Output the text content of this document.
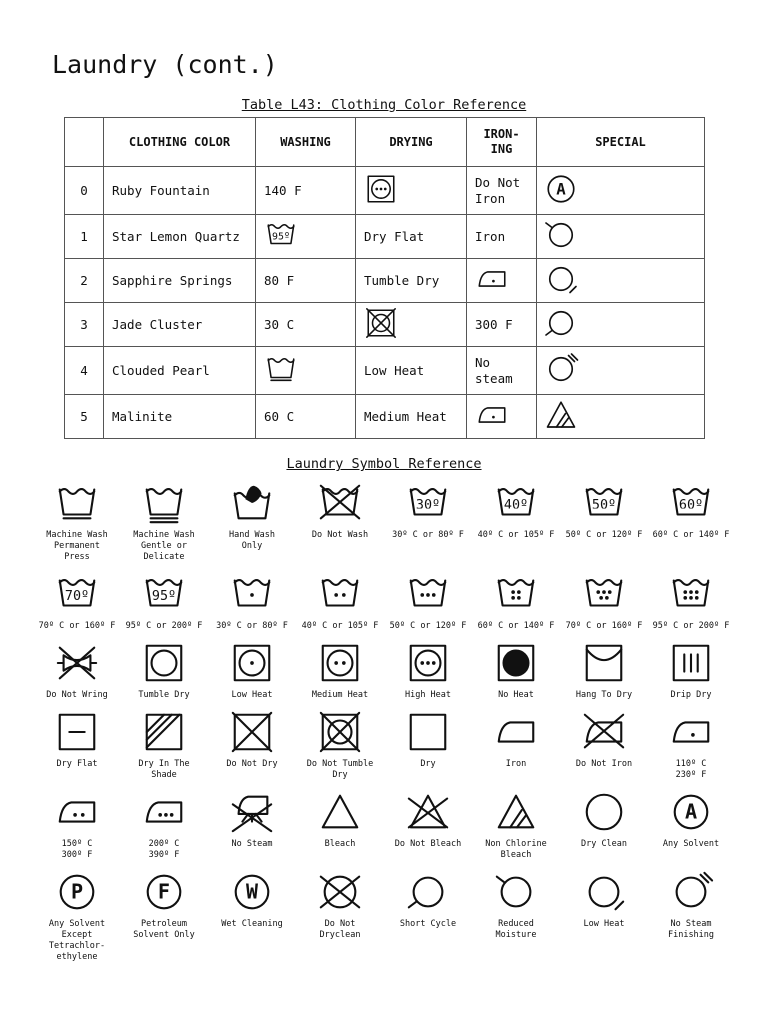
Laundry (cont.)
Table L43: Clothing Color Reference
	CLOTHING COLOR	WASHING	DRYING	IRON-
ING	SPECIAL
0	Ruby Fountain	140 F		Do Not
Iron	A

1	Star Lemon Quartz	95º	Dry Flat	Iron	
2	Sapphire Springs	80 F	Tumble Dry		
3	Jade Cluster	30 C		300 F	
4	Clouded Pearl		Low Heat	No
steam	
5	Malinite	60 C	Medium Heat		
Laundry Symbol Reference
Machine Wash
Permanent
Press
Machine Wash
Gentle or
Delicate
Hand Wash
Only
Do Not Wash
30º
30º C or 80º F
40º
40º C or 105º F
50º
50º C or 120º F
60º
60º C or 140º F
70º
70º C or 160º F
95º
95º C or 200º F	30º C or 80º F	40º C or 105º F	50º C or 120º F	60º C or 140º F	70º C or 160º F	95º C or 200º F
Do Not Wring	Tumble Dry	Low Heat	Medium Heat	High Heat	No Heat	Hang To Dry	Drip Dry
Dry Flat	Dry In The
Shade
Do Not Dry	Do Not Tumble
Dry
Dry	Iron	Do Not Iron	110º C
230º F
150º C
300º F
200º C
390º F
No Steam	Bleach	Do Not Bleach	Non Chlorine
Bleach
Dry Clean
A
Any Solvent
P
Any Solvent
Except
Tetrachlor-
ethylene
F
Petroleum
Solvent Only
W
Wet Cleaning	Do Not
Dryclean
Short Cycle	Reduced
Moisture
Low Heat	No Steam
Finishing
